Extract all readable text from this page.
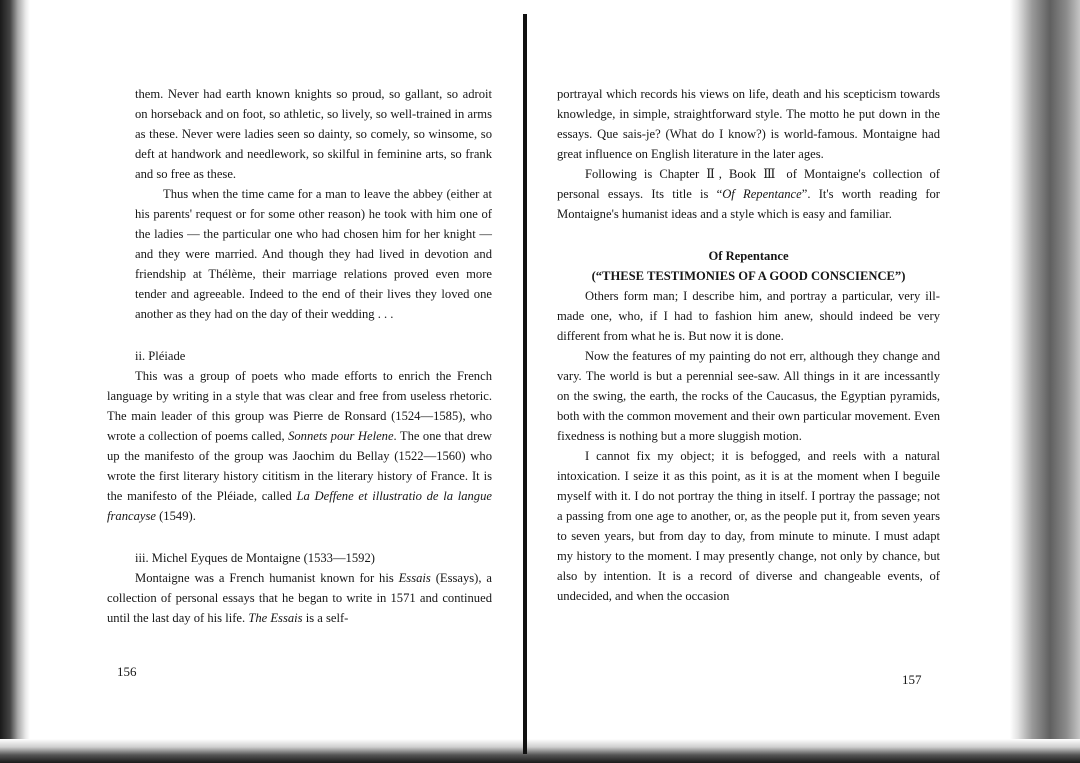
them. Never had earth known knights so proud, so gallant, so adroit on horseback and on foot, so athletic, so lively, so well-trained in arms as these. Never were ladies seen so dainty, so comely, so winsome, so deft at handwork and needlework, so skilful in feminine arts, so frank and so free as these.

Thus when the time came for a man to leave the abbey (either at his parents' request or for some other reason) he took with him one of the ladies — the particular one who had chosen him for her knight — and they were married. And though they had lived in devotion and friendship at Thélème, their marriage relations proved even more tender and agreeable. Indeed to the end of their lives they loved one another as they had on the day of their wedding . . .

ii. Pléiade

This was a group of poets who made efforts to enrich the French language by writing in a style that was clear and free from useless rhetoric. The main leader of this group was Pierre de Ronsard (1524—1585), who wrote a collection of poems called, Sonnets pour Helene. The one that drew up the manifesto of the group was Jaochim du Bellay (1522—1560) who wrote the first literary history cititism in the literary history of France. It is the manifesto of the Pléiade, called La Deffene et illustratio de la langue francayse (1549).

iii. Michel Eyques de Montaigne (1533—1592)

Montaigne was a French humanist known for his Essais (Essays), a collection of personal essays that he began to write in 1571 and continued until the last day of his life. The Essais is a self-

156

portrayal which records his views on life, death and his scepticism towards knowledge, in simple, straightforward style. The motto he put down in the essays. Que sais-je? (What do I know?) is world-famous. Montaigne had great influence on English literature in the later ages.

Following is Chapter Ⅱ, Book Ⅲ of Montaigne's collection of personal essays. Its title is “Of Repentance”. It's worth reading for Montaigne's humanist ideas and a style which is easy and familiar.

Of Repentance

(“THESE TESTIMONIES OF A GOOD CONSCIENCE”)

Others form man; I describe him, and portray a particular, very ill-made one, who, if I had to fashion him anew, should indeed be very different from what he is. But now it is done.

Now the features of my painting do not err, although they change and vary. The world is but a perennial see-saw. All things in it are incessantly on the swing, the earth, the rocks of the Caucasus, the Egyptian pyramids, both with the common movement and their own particular movement. Even fixedness is nothing but a more sluggish motion.

I cannot fix my object; it is befogged, and reels with a natural intoxication. I seize it as this point, as it is at the moment when I beguile myself with it. I do not portray the thing in itself. I portray the passage; not a passing from one age to another, or, as the people put it, from seven years to seven years, but from day to day, from minute to minute. I must adapt my history to the moment. I may presently change, not only by chance, but also by intention. It is a record of diverse and changeable events, of undecided, and when the occasion

157
